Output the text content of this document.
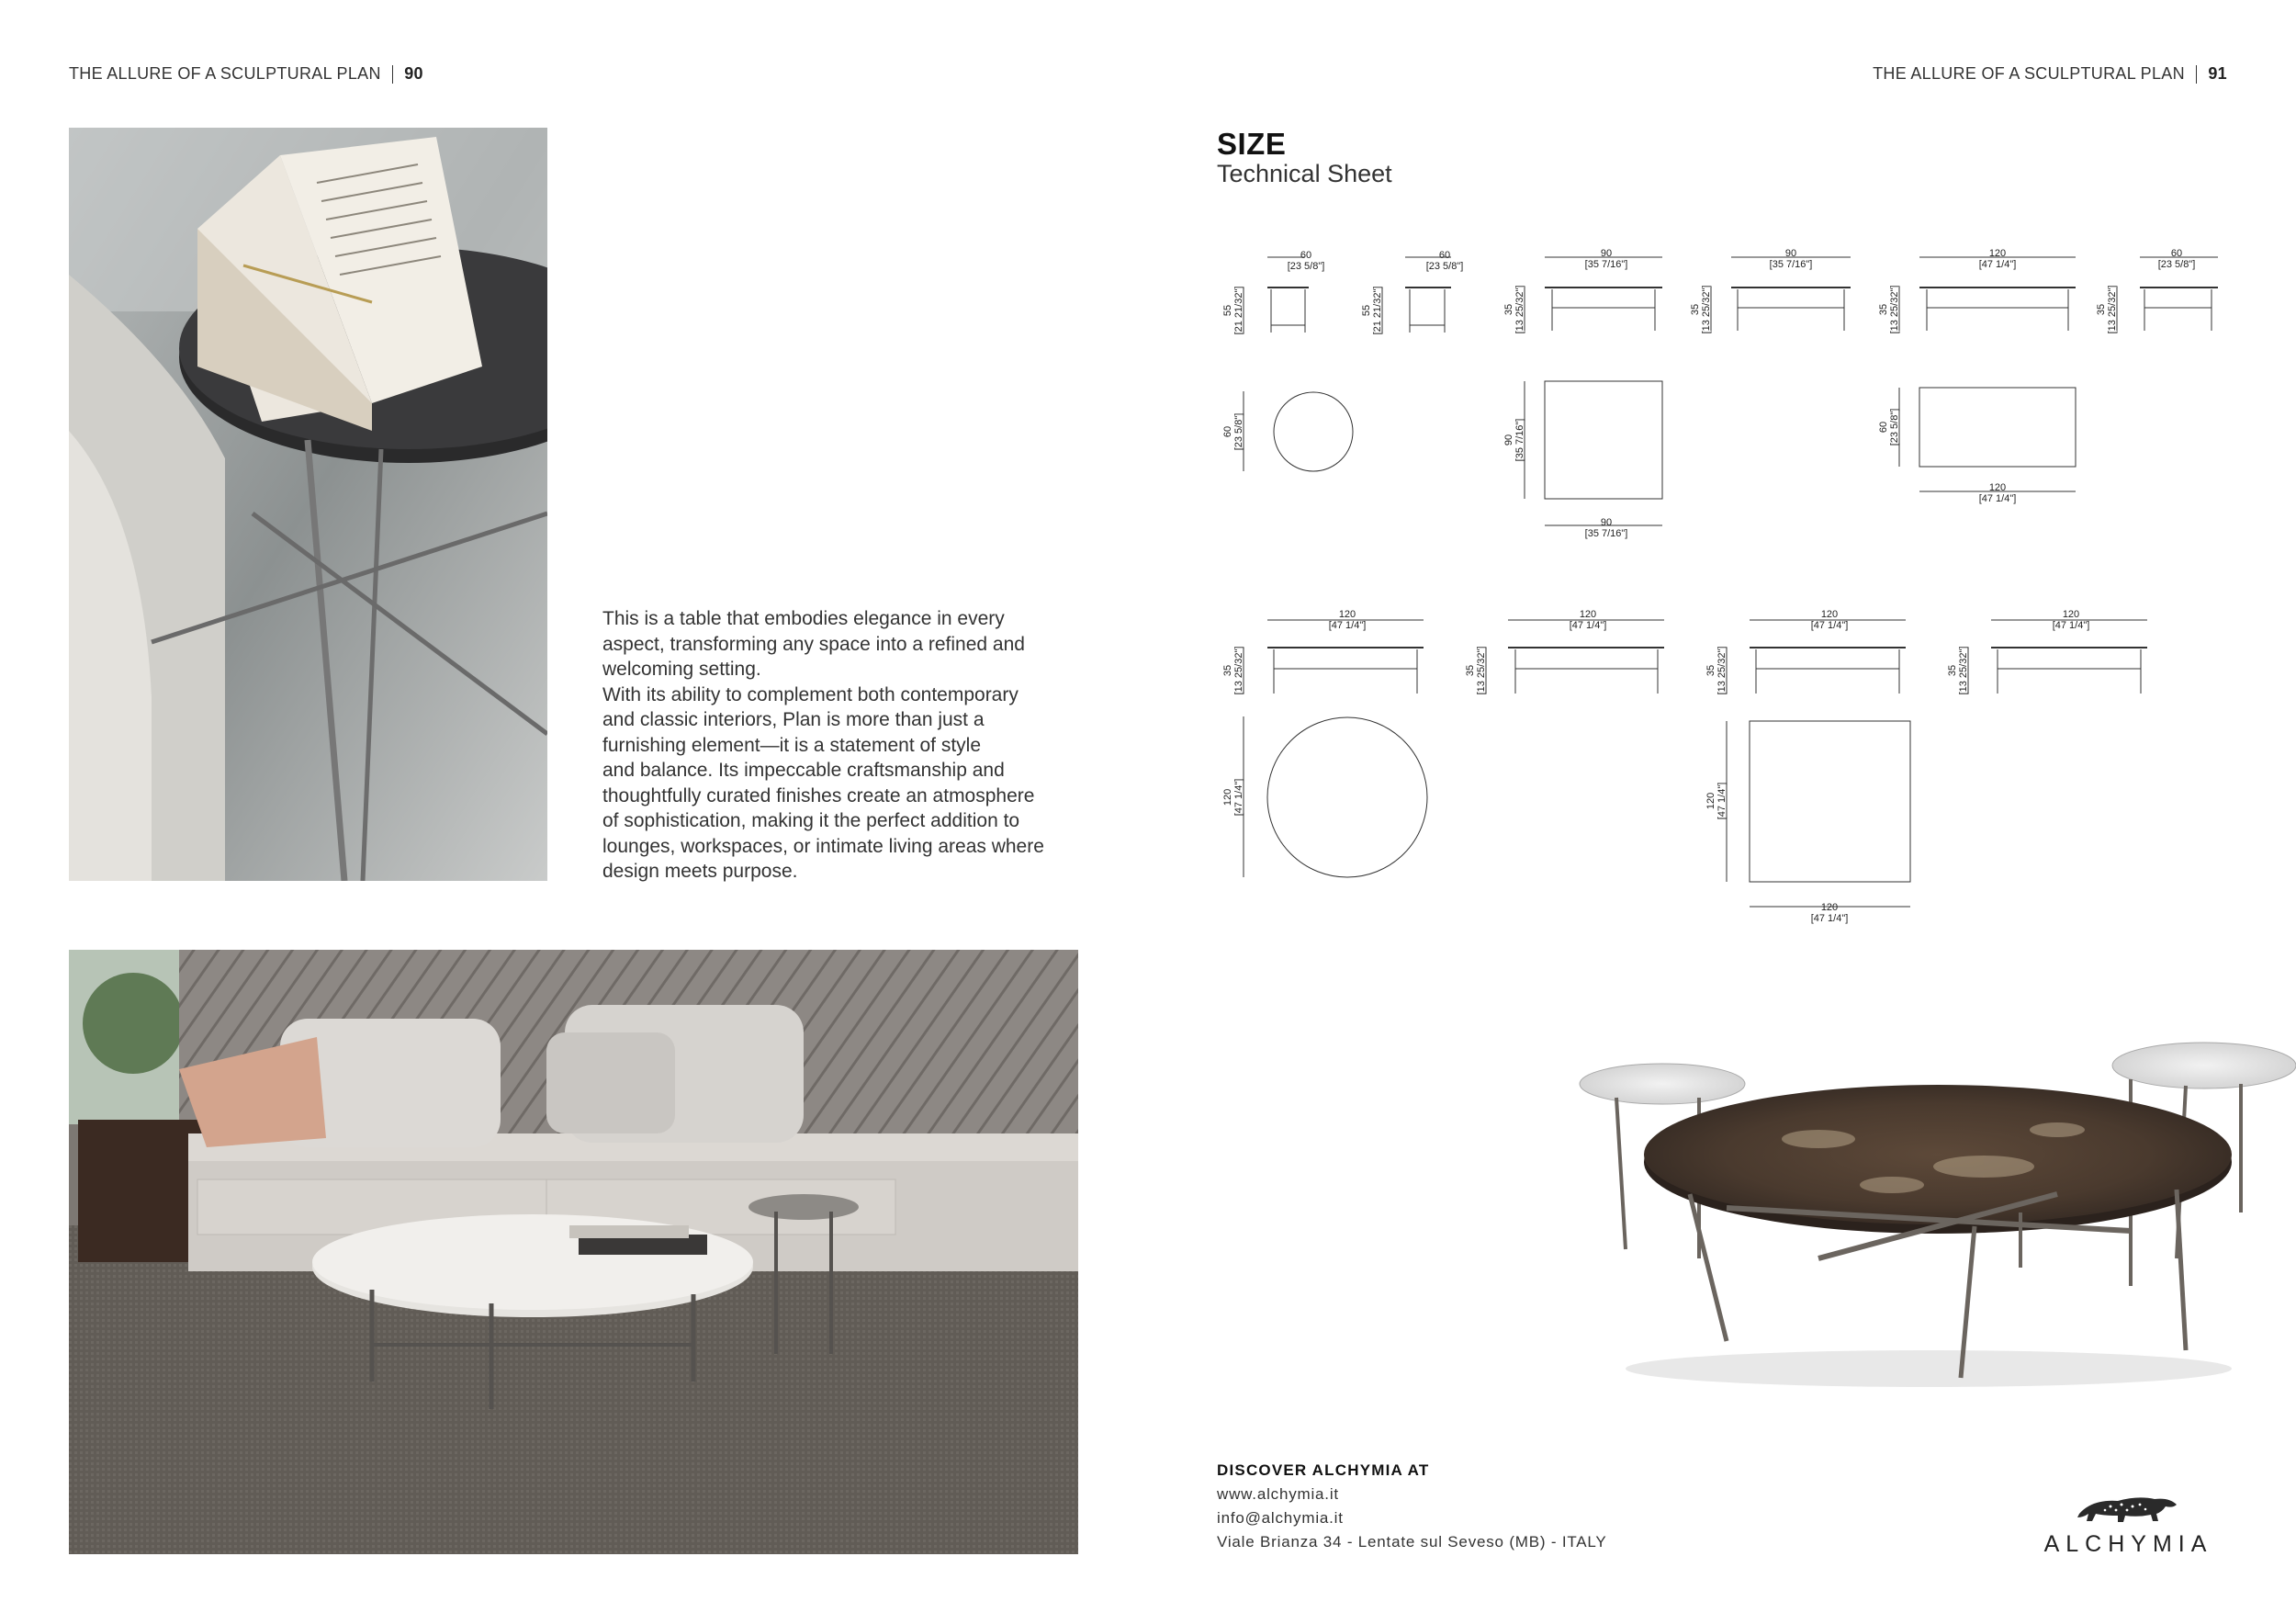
THE ALLURE OF A SCULPTURAL PLAN 90	THE ALLURE OF A SCULPTURAL PLAN 91
This is a table that embodies elegance in every
aspect, transforming any space into a refined and
welcoming setting.
With its ability to complement both contemporary
and classic interiors, Plan is more than just a
furnishing element—it is a statement of style
and balance. Its impeccable craftsmanship and
thoughtfully curated finishes create an atmosphere
of sophistication, making it the perfect addition to
lounges, workspaces, or intimate living areas where
design meets purpose.
SIZE
Technical Sheet
60
[23 5/8"]
60
[23 5/8"]
90
[35 7/16"]
90
[35 7/16"]
120
[47 1/4"]
60
[23 5/8"]
90
[35 7/16"]
120
[47 1/4"]
120
[47 1/4"]
120
[47 1/4"]
120
[47 1/4"]
120
[47 1/4"]
120
[47 1/4"]
55 [21 21/32"]	55 [21 21/32"]	35 [13 25/32"]	35 [13 25/32"]	35 [13 25/32"]	35 [13 25/32"]
60 [23 5/8"]	90 [35 7/16"]	60 [23 5/8"]
35 [13 25/32"]	35 [13 25/32"]	35 [13 25/32"]	35 [13 25/32"]
120 [47 1/4"]	120 [47 1/4"]
DISCOVER ALCHYMIA AT
www.alchymia.it
info@alchymia.it
Viale Brianza 34 - Lentate sul Seveso (MB) - ITALY	ALCHYMIA
